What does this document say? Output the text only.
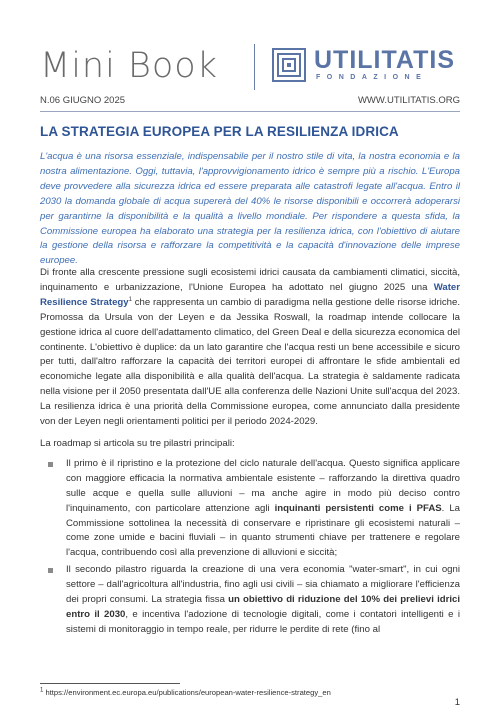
Mini Book	UTILITATIS
FONDAZIONE
N.06 GIUGNO 2025	WWW.UTILITATIS.ORG
LA STRATEGIA EUROPEA PER LA RESILIENZA IDRICA
L'acqua è una risorsa essenziale, indispensabile per il nostro stile di vita, la nostra economia e la nostra alimentazione. Oggi, tuttavia, l'approvvigionamento idrico è sempre più a rischio. L'Europa deve provvedere alla sicurezza idrica ed essere preparata alle catastrofi legate all'acqua. Entro il 2030 la domanda globale di acqua supererà del 40% le risorse disponibili e occorrerà adoperarsi per garantirne la disponibilità e la qualità a livello mondiale. Per rispondere a questa sfida, la Commissione europea ha elaborato una strategia per la resilienza idrica, con l'obiettivo di aiutare la gestione della risorsa e rafforzare la competitività e la capacità d'innovazione delle imprese europee.

Di fronte alla crescente pressione sugli ecosistemi idrici causata da cambiamenti climatici, siccità, inquinamento e urbanizzazione, l'Unione Europea ha adottato nel giugno 2025 una Water Resilience Strategy$^1$ che rappresenta un cambio di paradigma nella gestione delle risorse idriche. Promossa da Ursula von der Leyen e da Jessika Roswall, la roadmap intende collocare la gestione idrica al cuore dell'adattamento climatico, del Green Deal e della sicurezza economica del continente. L'obiettivo è duplice: da un lato garantire che l'acqua resti un bene accessibile e sicuro per tutti, dall'altro rafforzare la capacità dei territori europei di affrontare le sfide ambientali ed economiche legate alla disponibilità e alla qualità dell'acqua. La strategia è saldamente radicata nella visione per il 2050 presentata dall'UE alla conferenza delle Nazioni Unite sull'acqua del 2023. La resilienza idrica è una priorità della Commissione europea, come annunciato dalla presidente von der Leyen negli orientamenti politici per il periodo 2024-2029.

La roadmap si articola su tre pilastri principali:

Il primo è il ripristino e la protezione del ciclo naturale dell'acqua. Questo significa applicare con maggiore efficacia la normativa ambientale esistente – rafforzando la direttiva quadro sulle acque e quella sulle alluvioni – ma anche agire in modo più deciso contro l'inquinamento, con particolare attenzione agli inquinanti persistenti come i PFAS. La Commissione sottolinea la necessità di conservare e ripristinare gli ecosistemi naturali – come zone umide e bacini fluviali – in quanto strumenti chiave per trattenere e regolare l'acqua, contribuendo così alla prevenzione di alluvioni e siccità;
Il secondo pilastro riguarda la creazione di una vera economia "water-smart", in cui ogni settore – dall'agricoltura all'industria, fino agli usi civili – sia chiamato a migliorare l'efficienza dei propri consumi. La strategia fissa un obiettivo di riduzione del 10% dei prelievi idrici entro il 2030, e incentiva l'adozione di tecnologie digitali, come i contatori intelligenti e i sistemi di monitoraggio in tempo reale, per ridurre le perdite di rete (fino al
$^1$ https://environment.ec.europa.eu/publications/european-water-resilience-strategy_en
1
